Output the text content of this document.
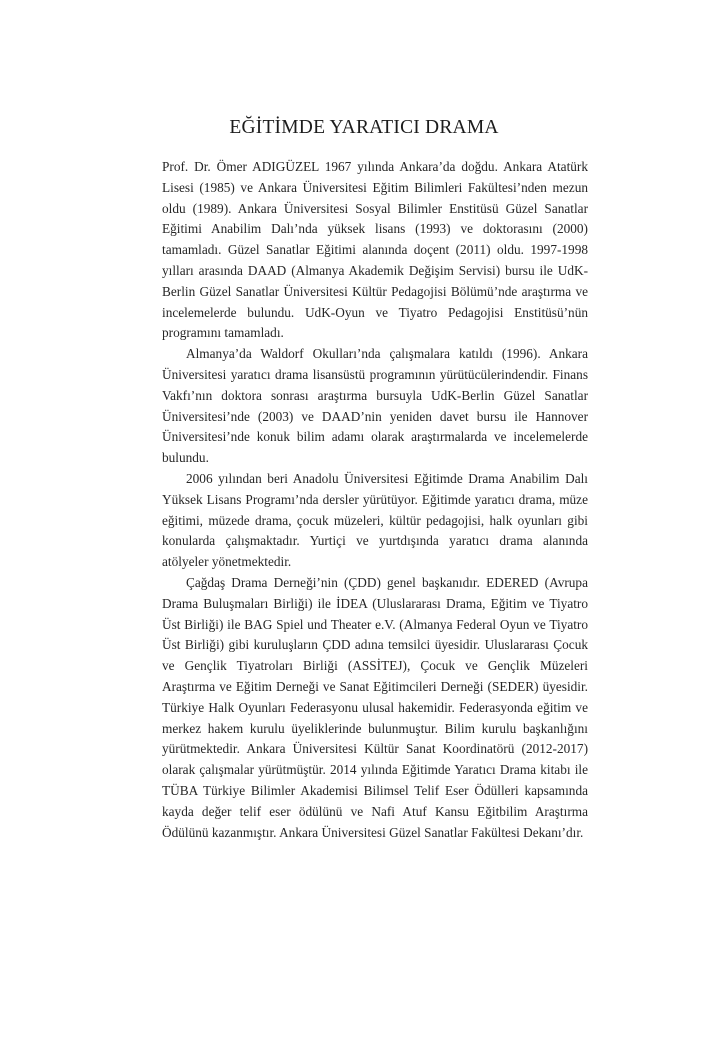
EĞİTİMDE YARATICI DRAMA

Prof. Dr. Ömer ADIGÜZEL 1967 yılında Ankara’da doğdu. Ankara Atatürk Lisesi (1985) ve Ankara Üniversitesi Eğitim Bilimleri Fakültesi’nden mezun oldu (1989). Ankara Üniversitesi Sosyal Bilimler Enstitüsü Güzel Sanatlar Eğitimi Anabilim Dalı’nda yüksek lisans (1993) ve doktorasını (2000) tamamladı. Güzel Sanatlar Eğitimi alanında doçent (2011) oldu. 1997-1998 yılları arasında DAAD (Almanya Akademik Değişim Servisi) bursu ile UdK- Berlin Güzel Sanatlar Üniversitesi Kültür Pedagojisi Bölümü’nde araştırma ve incelemelerde bulundu. UdK-Oyun ve Tiyatro Pedagojisi Enstitüsü’nün programını tamamladı.

Almanya’da Waldorf Okulları’nda çalışmalara katıldı (1996). Ankara Üniversitesi yaratıcı drama lisansüstü programının yürütücülerindendir. Finans Vakfı’nın doktora sonrası araştırma bursuyla UdK-Berlin Güzel Sanatlar Üniversitesi’nde (2003) ve DAAD’nin yeniden davet bursu ile Hannover Üniversitesi’nde konuk bilim adamı olarak araştırmalarda ve incelemelerde bulundu.

2006 yılından beri Anadolu Üniversitesi Eğitimde Drama Anabilim Dalı Yüksek Lisans Programı’nda dersler yürütüyor. Eğitimde yaratıcı drama, müze eğitimi, müzede drama, çocuk müzeleri, kültür pedagojisi, halk oyunları gibi konularda çalışmaktadır. Yurtiçi ve yurtdışında yaratıcı drama alanında atölyeler yönetmektedir.

Çağdaş Drama Derneği’nin (ÇDD) genel başkanıdır. EDERED (Avrupa Drama Buluşmaları Birliği) ile İDEA (Uluslararası Drama, Eğitim ve Tiyatro Üst Birliği) ile BAG Spiel und Theater e.V. (Almanya Federal Oyun ve Tiyatro Üst Birliği) gibi kuruluşların ÇDD adına temsilci üyesidir. Uluslararası Çocuk ve Gençlik Tiyatroları Birliği (ASSİTEJ), Çocuk ve Gençlik Müzeleri Araştırma ve Eğitim Derneği ve Sanat Eğitimcileri Derneği (SEDER) üyesidir. Türkiye Halk Oyunları Federasyonu ulusal hakemidir. Federasyonda eğitim ve merkez hakem kurulu üyeliklerinde bulunmuştur. Bilim kurulu başkanlığını yürütmektedir. Ankara Üniversitesi Kültür Sanat Koordinatörü (2012-2017) olarak çalışmalar yürütmüştür. 2014 yılında Eğitimde Yaratıcı Drama kitabı ile TÜBA Türkiye Bilimler Akademisi Bilimsel Telif Eser Ödülleri kapsamında kayda değer telif eser ödülünü ve Nafi Atuf Kansu Eğitbilim Araştırma Ödülünü kazanmıştır. Ankara Üniversitesi Güzel Sanatlar Fakültesi Dekanı’dır.
